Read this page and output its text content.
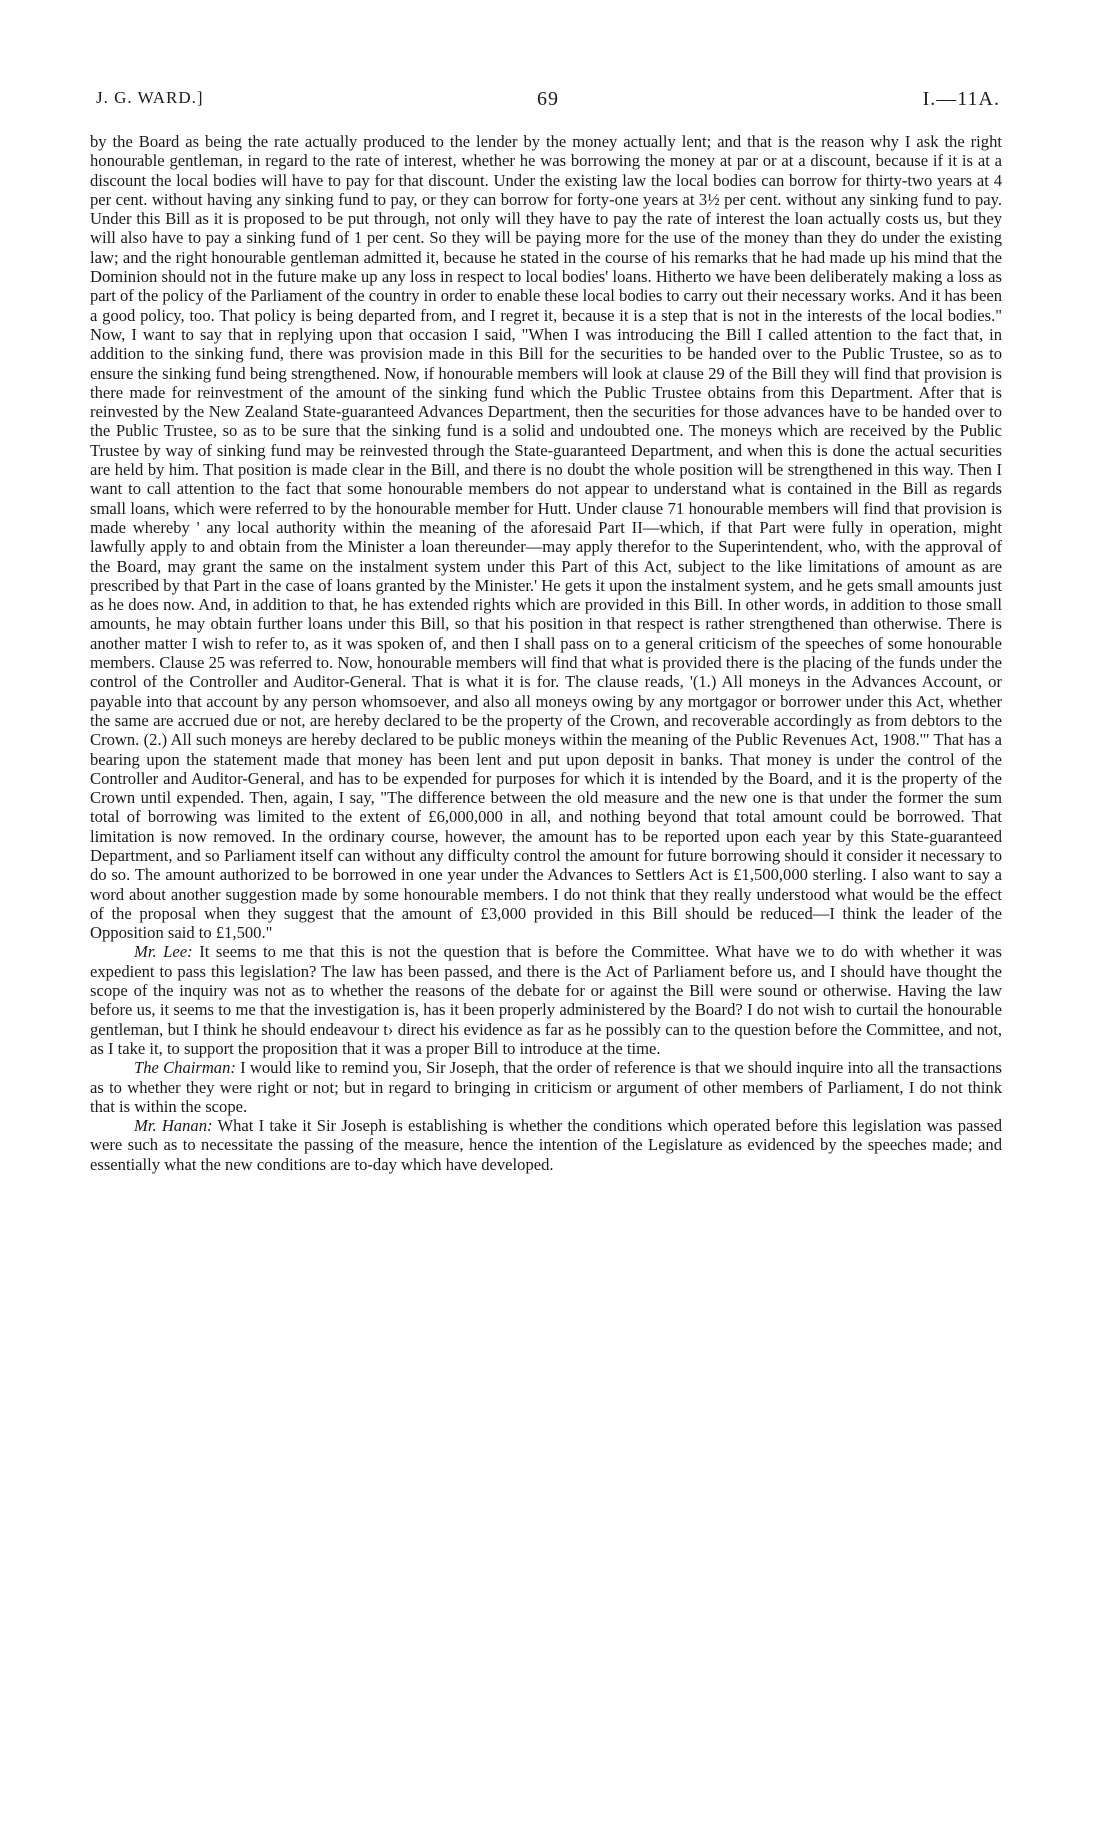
J. G. WARD.]	69	I.—11A.

by the Board as being the rate actually produced to the lender by the money actually lent; and that is the reason why I ask the right honourable gentleman, in regard to the rate of interest, whether he was borrowing the money at par or at a discount, because if it is at a discount the local bodies will have to pay for that discount. Under the existing law the local bodies can borrow for thirty-two years at 4 per cent. without having any sinking fund to pay, or they can borrow for forty-one years at 3½ per cent. without any sinking fund to pay. Under this Bill as it is proposed to be put through, not only will they have to pay the rate of interest the loan actually costs us, but they will also have to pay a sinking fund of 1 per cent. So they will be paying more for the use of the money than they do under the existing law; and the right honourable gentleman admitted it, because he stated in the course of his remarks that he had made up his mind that the Dominion should not in the future make up any loss in respect to local bodies' loans. Hitherto we have been deliberately making a loss as part of the policy of the Parliament of the country in order to enable these local bodies to carry out their necessary works. And it has been a good policy, too. That policy is being departed from, and I regret it, because it is a step that is not in the interests of the local bodies." Now, I want to say that in replying upon that occasion I said, "When I was introducing the Bill I called attention to the fact that, in addition to the sinking fund, there was provision made in this Bill for the securities to be handed over to the Public Trustee, so as to ensure the sinking fund being strengthened. Now, if honourable members will look at clause 29 of the Bill they will find that provision is there made for reinvestment of the amount of the sinking fund which the Public Trustee obtains from this Department. After that is reinvested by the New Zealand State-guaranteed Advances Department, then the securities for those advances have to be handed over to the Public Trustee, so as to be sure that the sinking fund is a solid and undoubted one. The moneys which are received by the Public Trustee by way of sinking fund may be reinvested through the State-guaranteed Department, and when this is done the actual securities are held by him. That position is made clear in the Bill, and there is no doubt the whole position will be strengthened in this way. Then I want to call attention to the fact that some honourable members do not appear to understand what is contained in the Bill as regards small loans, which were referred to by the honourable member for Hutt. Under clause 71 honourable members will find that provision is made whereby ' any local authority within the meaning of the aforesaid Part II—which, if that Part were fully in operation, might lawfully apply to and obtain from the Minister a loan thereunder—may apply therefor to the Superintendent, who, with the approval of the Board, may grant the same on the instalment system under this Part of this Act, subject to the like limitations of amount as are prescribed by that Part in the case of loans granted by the Minister.' He gets it upon the instalment system, and he gets small amounts just as he does now. And, in addition to that, he has extended rights which are provided in this Bill. In other words, in addition to those small amounts, he may obtain further loans under this Bill, so that his position in that respect is rather strengthened than otherwise. There is another matter I wish to refer to, as it was spoken of, and then I shall pass on to a general criticism of the speeches of some honourable members. Clause 25 was referred to. Now, honourable members will find that what is provided there is the placing of the funds under the control of the Controller and Auditor-General. That is what it is for. The clause reads, '(1.) All moneys in the Advances Account, or payable into that account by any person whomsoever, and also all moneys owing by any mortgagor or borrower under this Act, whether the same are accrued due or not, are hereby declared to be the property of the Crown, and recoverable accordingly as from debtors to the Crown. (2.) All such moneys are hereby declared to be public moneys within the meaning of the Public Revenues Act, 1908.'" That has a bearing upon the statement made that money has been lent and put upon deposit in banks. That money is under the control of the Controller and Auditor-General, and has to be expended for purposes for which it is intended by the Board, and it is the property of the Crown until expended. Then, again, I say, "The difference between the old measure and the new one is that under the former the sum total of borrowing was limited to the extent of £6,000,000 in all, and nothing beyond that total amount could be borrowed. That limitation is now removed. In the ordinary course, however, the amount has to be reported upon each year by this State-guaranteed Department, and so Parliament itself can without any difficulty control the amount for future borrowing should it consider it necessary to do so. The amount authorized to be borrowed in one year under the Advances to Settlers Act is £1,500,000 sterling. I also want to say a word about another suggestion made by some honourable members. I do not think that they really understood what would be the effect of the proposal when they suggest that the amount of £3,000 provided in this Bill should be reduced—I think the leader of the Opposition said to £1,500."

Mr. Lee: It seems to me that this is not the question that is before the Committee. What have we to do with whether it was expedient to pass this legislation? The law has been passed, and there is the Act of Parliament before us, and I should have thought the scope of the inquiry was not as to whether the reasons of the debate for or against the Bill were sound or otherwise. Having the law before us, it seems to me that the investigation is, has it been properly administered by the Board? I do not wish to curtail the honourable gentleman, but I think he should endeavour t› direct his evidence as far as he possibly can to the question before the Committee, and not, as I take it, to support the proposition that it was a proper Bill to introduce at the time.

The Chairman: I would like to remind you, Sir Joseph, that the order of reference is that we should inquire into all the transactions as to whether they were right or not; but in regard to bringing in criticism or argument of other members of Parliament, I do not think that is within the scope.

Mr. Hanan: What I take it Sir Joseph is establishing is whether the conditions which operated before this legislation was passed were such as to necessitate the passing of the measure, hence the intention of the Legislature as evidenced by the speeches made; and essentially what the new conditions are to-day which have developed.
